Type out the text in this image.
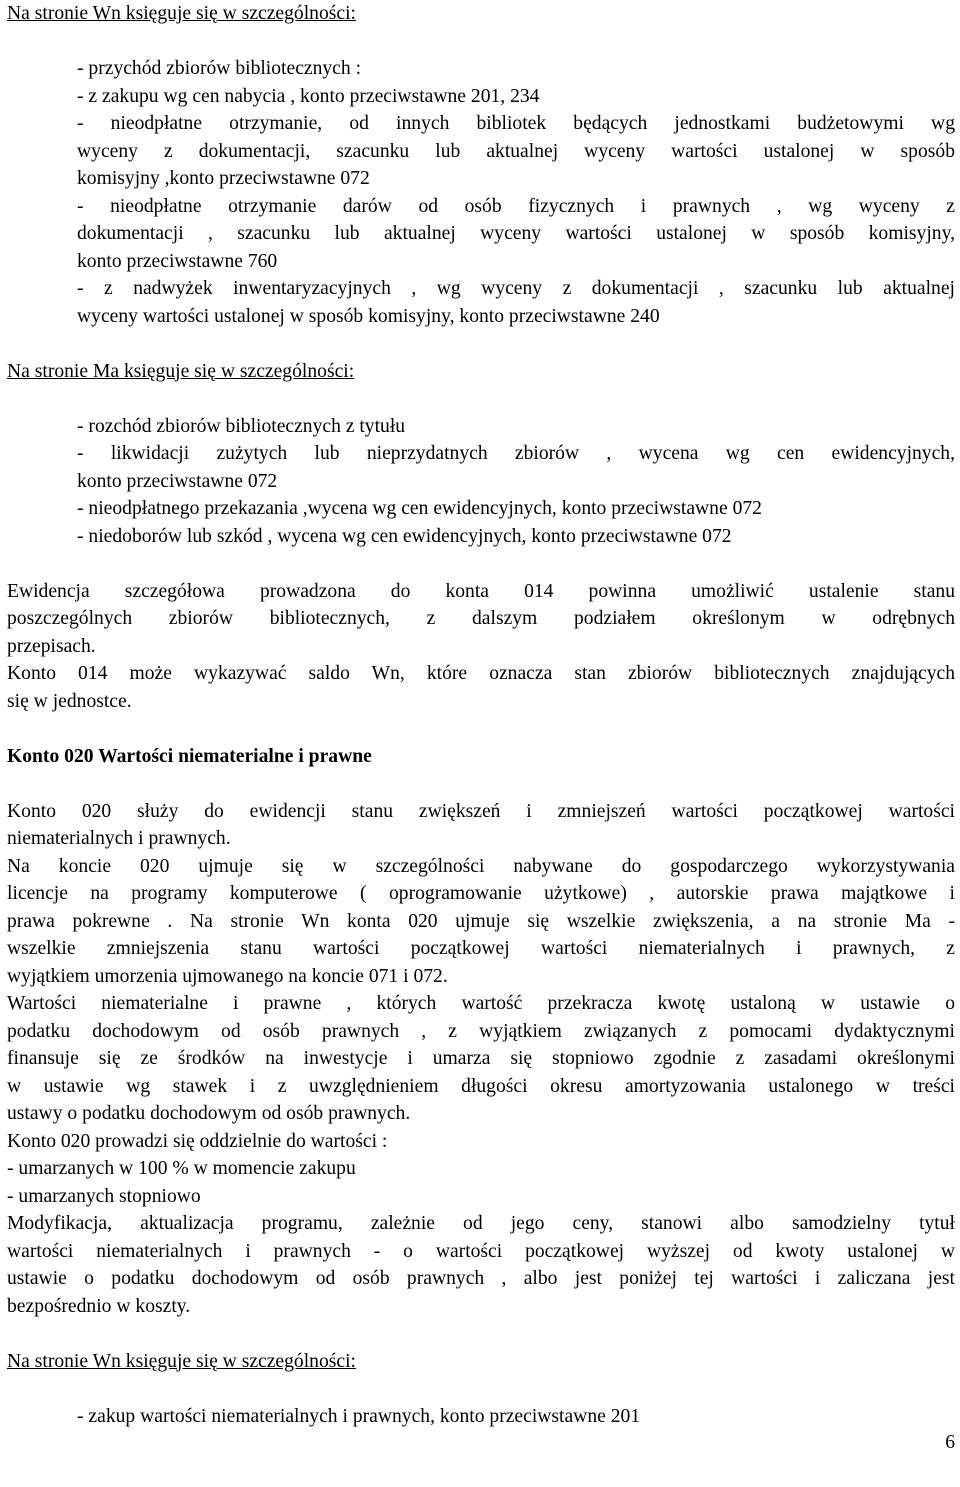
Na stronie Wn księguje się w szczególności:
- przychód zbiorów bibliotecznych :
- z zakupu wg cen nabycia , konto przeciwstawne 201, 234
- nieodpłatne otrzymanie, od innych bibliotek będących jednostkami budżetowymi wg
wyceny z dokumentacji, szacunku lub aktualnej wyceny wartości ustalonej w sposób
komisyjny ,konto przeciwstawne 072
- nieodpłatne otrzymanie darów od osób fizycznych i prawnych , wg wyceny z
dokumentacji , szacunku lub aktualnej wyceny wartości ustalonej w sposób komisyjny,
konto przeciwstawne 760
- z nadwyżek inwentaryzacyjnych , wg wyceny z dokumentacji , szacunku lub aktualnej
wyceny wartości ustalonej w sposób komisyjny, konto przeciwstawne 240
Na stronie Ma księguje się w szczególności:
- rozchód zbiorów bibliotecznych z tytułu
- likwidacji zużytych lub nieprzydatnych zbiorów , wycena wg cen ewidencyjnych,
konto przeciwstawne 072
- nieodpłatnego przekazania ,wycena wg cen ewidencyjnych, konto przeciwstawne 072
- niedoborów lub szkód , wycena wg cen ewidencyjnych, konto przeciwstawne 072
Ewidencja szczegółowa prowadzona do konta 014 powinna umożliwić ustalenie stanu
poszczególnych zbiorów bibliotecznych, z dalszym podziałem określonym w odrębnych
przepisach.
Konto 014 może wykazywać saldo Wn, które oznacza stan zbiorów bibliotecznych znajdujących
się w jednostce.
Konto 020 Wartości niematerialne i prawne
Konto 020 służy do ewidencji stanu zwiększeń i zmniejszeń wartości początkowej wartości
niematerialnych i prawnych.
Na koncie 020 ujmuje się w szczególności nabywane do gospodarczego wykorzystywania
licencje na programy komputerowe ( oprogramowanie użytkowe) , autorskie prawa majątkowe i
prawa pokrewne . Na stronie Wn konta 020 ujmuje się wszelkie zwiększenia, a na stronie Ma -
wszelkie zmniejszenia stanu wartości początkowej wartości niematerialnych i prawnych, z
wyjątkiem umorzenia ujmowanego na koncie 071 i 072.
Wartości niematerialne i prawne , których wartość przekracza kwotę ustaloną w ustawie o
podatku dochodowym od osób prawnych , z wyjątkiem związanych z pomocami dydaktycznymi
finansuje się ze środków na inwestycje i umarza się stopniowo zgodnie z zasadami określonymi
w ustawie wg stawek i z uwzględnieniem długości okresu amortyzowania ustalonego w treści
ustawy o podatku dochodowym od osób prawnych.
Konto 020 prowadzi się oddzielnie do wartości :
- umarzanych w 100 % w momencie zakupu
- umarzanych stopniowo
Modyfikacja, aktualizacja programu, zależnie od jego ceny, stanowi albo samodzielny tytuł
wartości niematerialnych i prawnych - o wartości początkowej wyższej od kwoty ustalonej w
ustawie o podatku dochodowym od osób prawnych , albo jest poniżej tej wartości i zaliczana jest
bezpośrednio w koszty.
Na stronie Wn księguje się w szczególności:
- zakup wartości niematerialnych i prawnych, konto przeciwstawne 201
6
